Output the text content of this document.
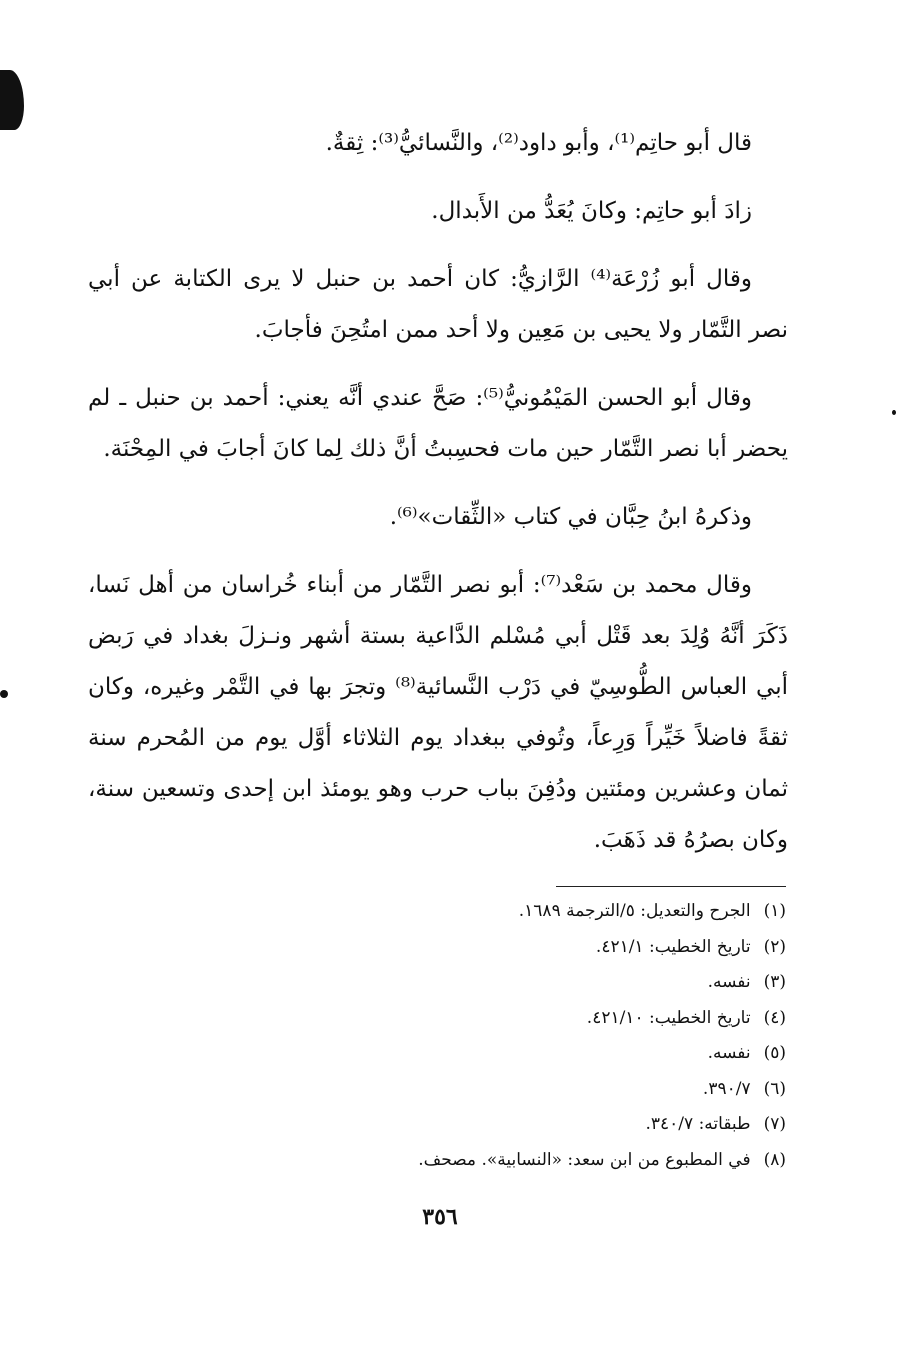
قال أبو حاتِم⁽¹⁾، وأبو داود⁽²⁾، والنَّسائيُّ⁽³⁾: ثِقةٌ.

زادَ أبو حاتِم: وكانَ يُعَدُّ من الأَبدال.

وقال أبو زُرْعَة⁽⁴⁾ الرَّازيُّ: كان أحمد بن حنبل لا يرى الكتابة عن أبي نصر التَّمّار ولا يحيى بن مَعِين ولا أحد ممن امتُحِنَ فأجابَ.

وقال أبو الحسن المَيْمُونيُّ⁽⁵⁾: صَحَّ عندي أنَّه يعني: أحمد بن حنبل ـ لم يحضر أبا نصر التَّمّار حين مات فحسِبتُ أنَّ ذلك لِما كانَ أجابَ في المِحْنَة.

وذكرهُ ابنُ حِبَّان في كتاب «الثِّقات»⁽⁶⁾.

وقال محمد بن سَعْد⁽⁷⁾: أبو نصر التَّمّار من أبناء خُراسان من أهل نَسا، ذَكَرَ أنَّهُ وُلِدَ بعد قَتْل أبي مُسْلم الدَّاعية بستة أشهر ونـزلَ بغداد في رَبض أبي العباس الطُّوسِيّ في دَرْب النَّسائية⁽⁸⁾ وتجرَ بها في التَّمْر وغيره، وكان ثقةً فاضلاً خَيِّراً وَرِعاً، وتُوفي ببغداد يوم الثلاثاء أوَّل يوم من المُحرم سنة ثمان وعشرين ومئتين ودُفِنَ بباب حرب وهو يومئذ ابن إحدى وتسعين سنة، وكان بصرُهُ قد ذَهَبَ.

(١) الجرح والتعديل: ٥/الترجمة ١٦٨٩.
(٢) تاريخ الخطيب: ٤٢١/١.
(٣) نفسه.
(٤) تاريخ الخطيب: ٤٢١/١٠.
(٥) نفسه.
(٦) ٣٩٠/٧.
(٧) طبقاته: ٣٤٠/٧.
(٨) في المطبوع من ابن سعد: «النسابية». مصحف.
٣٥٦
